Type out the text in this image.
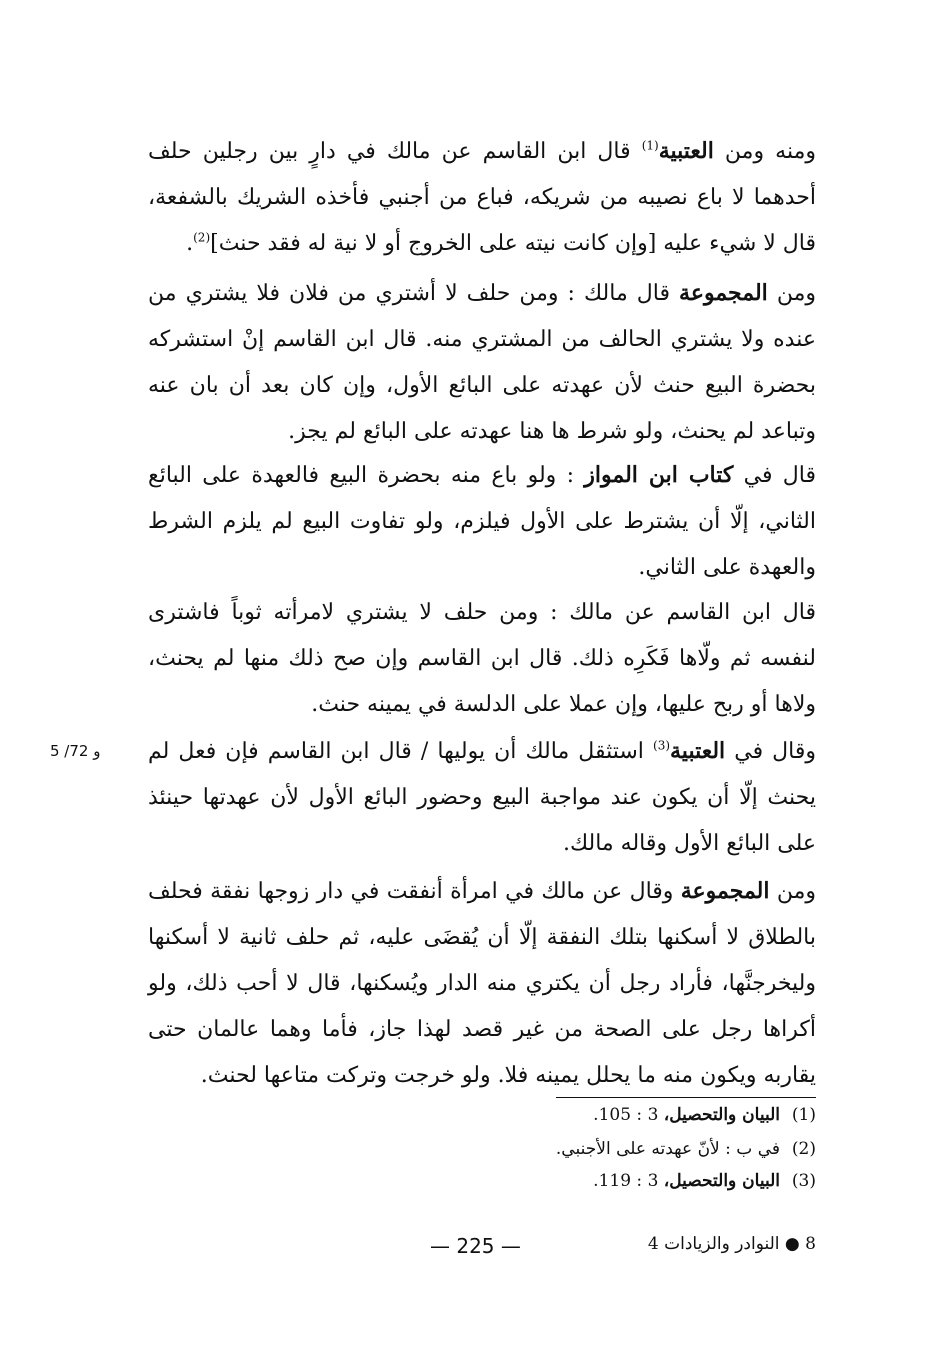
ومنه ومن العتبية$^{(1)}$ قال ابن القاسم عن مالك في دارٍ بين رجلين حلف أحدهما لا باع نصيبه من شريكه، فباع من أجنبي فأخذه الشريك بالشفعة، قال لا شيء عليه [وإن كانت نيته على الخروج أو لا نية له فقد حنث]$^{(2)}$.

ومن المجموعة قال مالك : ومن حلف لا أشتري من فلان فلا يشتري من عنده ولا يشتري الحالف من المشتري منه. قال ابن القاسم إنْ استشركه بحضرة البيع حنث لأن عهدته على البائع الأول، وإن كان بعد أن بان عنه وتباعد لم يحنث، ولو شرط ها هنا عهدته على البائع لم يجز.

قال في كتاب ابن المواز : ولو باع منه بحضرة البيع فالعهدة على البائع الثاني، إلّا أن يشترط على الأول فيلزم، ولو تفاوت البيع لم يلزم الشرط والعهدة على الثاني.

قال ابن القاسم عن مالك : ومن حلف لا يشتري لامرأته ثوباً فاشترى لنفسه ثم ولّاها فَكَرِه ذلك. قال ابن القاسم وإن صح ذلك منها لم يحنث، ولاها أو ربح عليها، وإن عملا على الدلسة في يمينه حنث.

وقال في العتبية$^{(3)}$ استثقل مالك أن يوليها / قال ابن القاسم فإن فعل لم يحنث إلّا أن يكون عند مواجبة البيع وحضور البائع الأول لأن عهدتها حينئذ على البائع الأول وقاله مالك.

ومن المجموعة وقال عن مالك في امرأة أنفقت في دار زوجها نفقة فحلف بالطلاق لا أسكنها بتلك النفقة إلّا أن يُقضَى عليه، ثم حلف ثانية لا أسكنها وليخرجنَّها، فأراد رجل أن يكتري منه الدار ويُسكنها، قال لا أحب ذلك، ولو أكراها رجل على الصحة من غير قصد لهذا جاز، فأما وهما عالمان حتى يقاربه ويكون منه ما يحلل يمينه فلا. ولو خرجت وتركت متاعها لحنث.

5 /72 و
(1)البيان والتحصيل، 3 : 105.
(2)في ب : لأنّ عهدته على الأجنبي.
(3)البيان والتحصيل، 3 : 119.
— 225 —	8 ● النوادر والزيادات 4
